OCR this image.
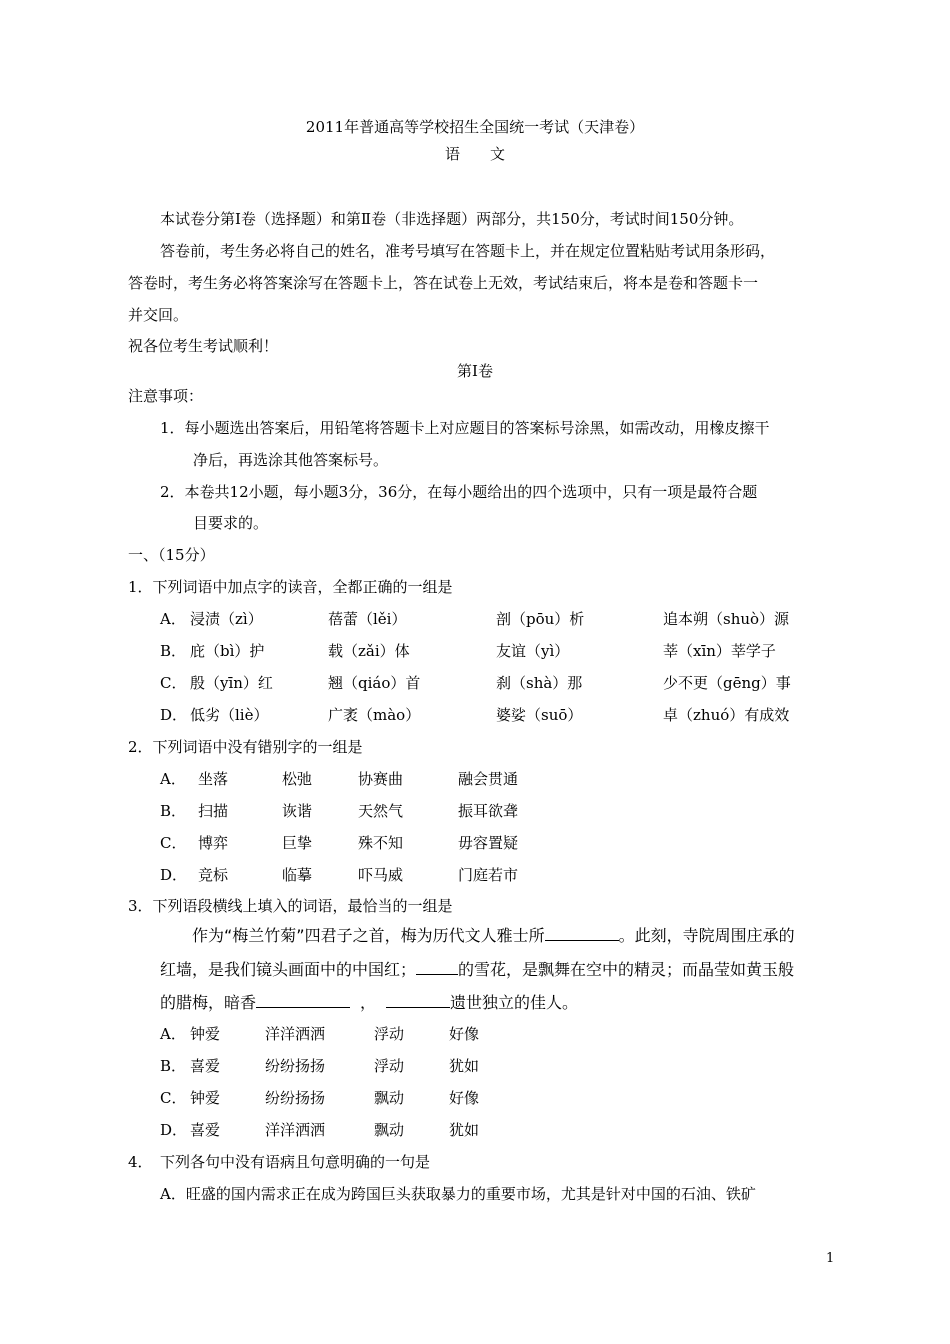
2011年普通高等学校招生全国统一考试（天津卷）
语　　文
本试卷分第Ⅰ卷（选择题）和第Ⅱ卷（非选择题）两部分，共150分，考试时间150分钟。
答卷前，考生务必将自己的姓名，准考号填写在答题卡上，并在规定位置粘贴考试用条形码，
答卷时，考生务必将答案涂写在答题卡上，答在试卷上无效，考试结束后，将本是卷和答题卡一
并交回。
祝各位考生考试顺利！
第Ⅰ卷
注意事项：
1．每小题选出答案后，用铅笔将答题卡上对应题目的答案标号涂黑，如需改动，用橡皮擦干
净后，再选涂其他答案标号。
2．本卷共12小题，每小题3分，36分，在每小题给出的四个选项中，只有一项是最符合题
目要求的。
一、（15分）
1．下列词语中加点字的读音，全都正确的一组是
A． 浸渍（zì）	蓓蕾（lěi）	剖（pōu）析	追本朔（shuò）源
B． 庇（bì）护	载（zǎi）体	友谊（yì）	莘（xīn）莘学子
C． 殷（yīn）红	翘（qiáo）首	刹（shà）那	少不更（gēng）事
D． 低劣（liè）	广袤（mào）	婆娑（suō）	卓（zhuó）有成效
2．下列词语中没有错别字的一组是
A． 坐落	松弛	协赛曲	融会贯通
B． 扫描	诙谐	天然气	振耳欲聋
C． 博弈	巨挚	殊不知	毋容置疑
D． 竞标	临摹	吓马威	门庭若市
3．下列语段横线上填入的词语，最恰当的一组是
作为“梅兰竹菊”四君子之首，梅为历代文人雅士所	。此刻，寺院周围庄承的
红墙，是我们镜头画面中的中国红；	的雪花，是飘舞在空中的精灵；而晶莹如黄玉般
的腊梅，暗香	，	遗世独立的佳人。
A． 钟爱	洋洋洒洒	浮动	好像
B． 喜爱	纷纷扬扬	浮动	犹如
C． 钟爱	纷纷扬扬	飘动	好像
D． 喜爱	洋洋洒洒	飘动	犹如
4．　下列各句中没有语病且句意明确的一句是
A．旺盛的国内需求正在成为跨国巨头获取暴力的重要市场，尤其是针对中国的石油、铁矿
1
